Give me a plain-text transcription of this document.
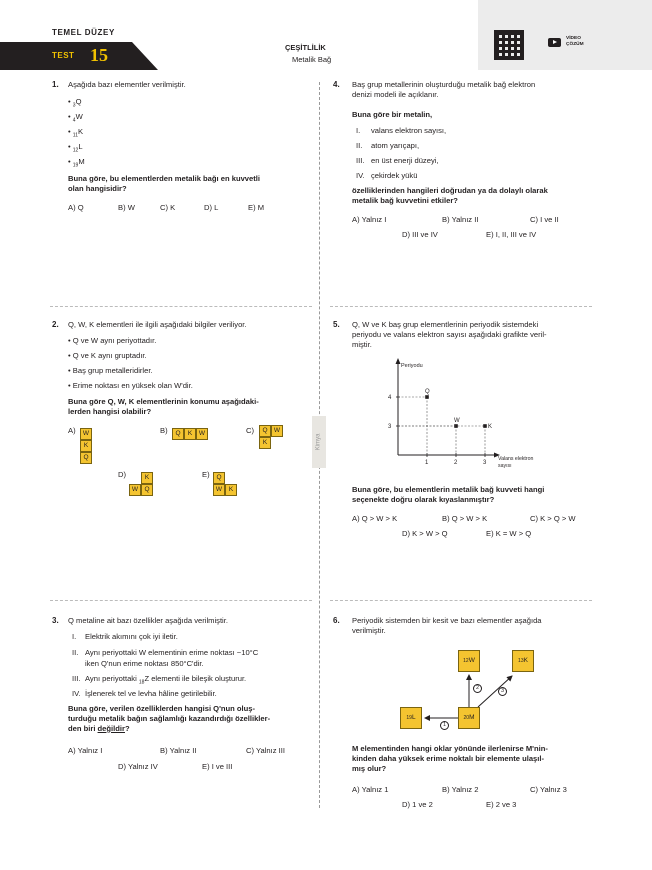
TEMEL DÜZEY
TEST 15	ÇEŞİTLİLİK
Metalik Bağ
VİDEO
ÇÖZÜM
Kimya
1. Aşağıda bazı elementler verilmiştir.
• $_3$Q
• $_4$W
• $_{11}$K
• $_{12}$L
• $_{19}$M
Buna göre, bu elementlerden metalik bağı en kuvvetli
olan hangisidir?
A) Q	B) W	C) K	D) L	E) M
2. Q, W, K elementleri ile ilgili aşağıdaki bilgiler veriliyor.
• Q ve W aynı periyottadır.
• Q ve K aynı gruptadır.
• Baş grup metalleridirler.
• Erime noktası en yüksek olan W'dir.
Buna göre Q, W, K elementlerinin konumu aşağıdaki-
lerden hangisi olabilir?
A)	W
K
Q
B)	Q	K	W	C)	Q W
K
D)	K
W Q
E)	Q
W	K
3. Q metaline ait bazı özellikler aşağıda verilmiştir.
I. Elektrik akımını çok iyi iletir.
II. Aynı periyottaki W elementinin erime noktası −10°C
iken Q'nun erime noktası 850°C'dir.
III. Aynı periyottaki $_{18}$Z elementi ile bileşik oluşturur.
IV. İşlenerek tel ve levha hâline getirilebilir.
Buna göre, verilen özelliklerden hangisi Q'nun oluş-
turduğu metalik bağın sağlamlığı kazandırdığı özellikler-
den biri değildir?
A) Yalnız I	B) Yalnız II	C) Yalnız III
D) Yalnız IV	E) I ve III
4. Baş grup metallerinin oluşturduğu metalik bağ elektron
denizi modeli ile açıklanır.
Buna göre bir metalin,
I. valans elektron sayısı,
II. atom yarıçapı,
III. en üst enerji düzeyi,
IV. çekirdek yükü
özelliklerinden hangileri doğrudan ya da dolaylı olarak
metalik bağ kuvvetini etkiler?
A) Yalnız I	B) Yalnız II	C) I ve II
D) III ve IV	E) I, II, III ve IV
5. Q, W ve K baş grup elementlerinin periyodik sistemdeki
periyodu ve valans elektron sayısı aşağıdaki grafikte veril-
miştir.
Periyodu
1	2	3
3
4
Valans elektron
sayısı
Q
W
K
Buna göre, bu elementlerin metalik bağ kuvveti hangi
seçenekte doğru olarak kıyaslanmıştır?
A) Q > W > K	B) Q > W > K	C) K > Q > W
D) K > W > Q	E) K = W > Q
6. Periyodik sistemden bir kesit ve bazı elementler aşağıda
verilmiştir.
12 W	13 K
19 L	20 M
2	3
1
M elementinden hangi oklar yönünde ilerlenirse M'nin-
kinden daha yüksek erime noktalı bir elemente ulaşıl-
mış olur?
A) Yalnız 1	B) Yalnız 2	C) Yalnız 3
D) 1 ve 2	E) 2 ve 3
